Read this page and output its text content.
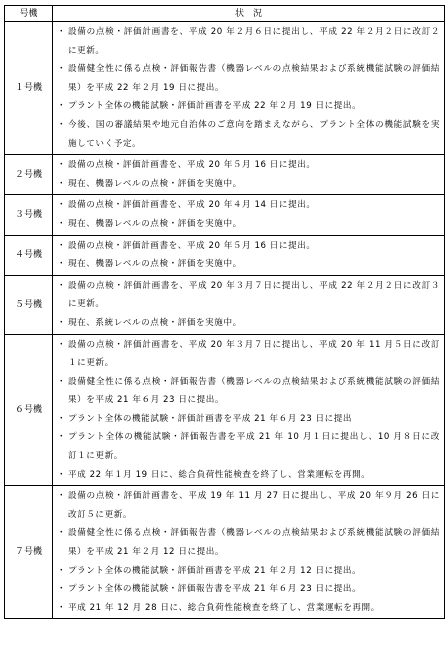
号機	状　況
１号機	・ 設備の点検・評価計画書を、平成 20 年２月６日に提出し、平成 22 年２月２日に改訂２に更新。
・ 設備健全性に係る点検・評価報告書（機器レベルの点検結果および系統機能試験の評価結果）を平成 22 年２月 19 日に提出。
・ プラント全体の機能試験・評価計画書を平成 22 年２月 19 日に提出。
・ 今後、国の審議結果や地元自治体のご意向を踏まえながら、プラント全体の機能試験を実施していく予定。

２号機	・ 設備の点検・評価計画書を、平成 20 年５月 16 日に提出。
・ 現在、機器レベルの点検・評価を実施中。

３号機	・ 設備の点検・評価計画書を、平成 20 年４月 14 日に提出。
・ 現在、機器レベルの点検・評価を実施中。

４号機	・ 設備の点検・評価計画書を、平成 20 年５月 16 日に提出。
・ 現在、機器レベルの点検・評価を実施中。

５号機	・ 設備の点検・評価計画書を、平成 20 年３月７日に提出し、平成 22 年２月２日に改訂３に更新。
・ 現在、系統レベルの点検・評価を実施中。

６号機	・ 設備の点検・評価計画書を、平成 20 年３月７日に提出し、平成 20 年 11 月５日に改訂１に更新。
・ 設備健全性に係る点検・評価報告書（機器レベルの点検結果および系統機能試験の評価結果）を平成 21 年６月 23 日に提出。
・ プラント全体の機能試験・評価計画書を平成 21 年６月 23 日に提出
・ プラント全体の機能試験・評価報告書を平成 21 年 10 月１日に提出し、10 月８日に改訂１に更新。
・ 平成 22 年１月 19 日に、総合負荷性能検査を終了し、営業運転を再開。

７号機	・ 設備の点検・評価計画書を、平成 19 年 11 月 27 日に提出し、平成 20 年９月 26 日に改訂５に更新。
・ 設備健全性に係る点検・評価報告書（機器レベルの点検結果および系統機能試験の評価結果）を平成 21 年２月 12 日に提出。
・ プラント全体の機能試験・評価計画書を平成 21 年２月 12 日に提出。
・ プラント全体の機能試験・評価報告書を平成 21 年６月 23 日に提出。
・ 平成 21 年 12 月 28 日に、総合負荷性能検査を終了し、営業運転を再開。
